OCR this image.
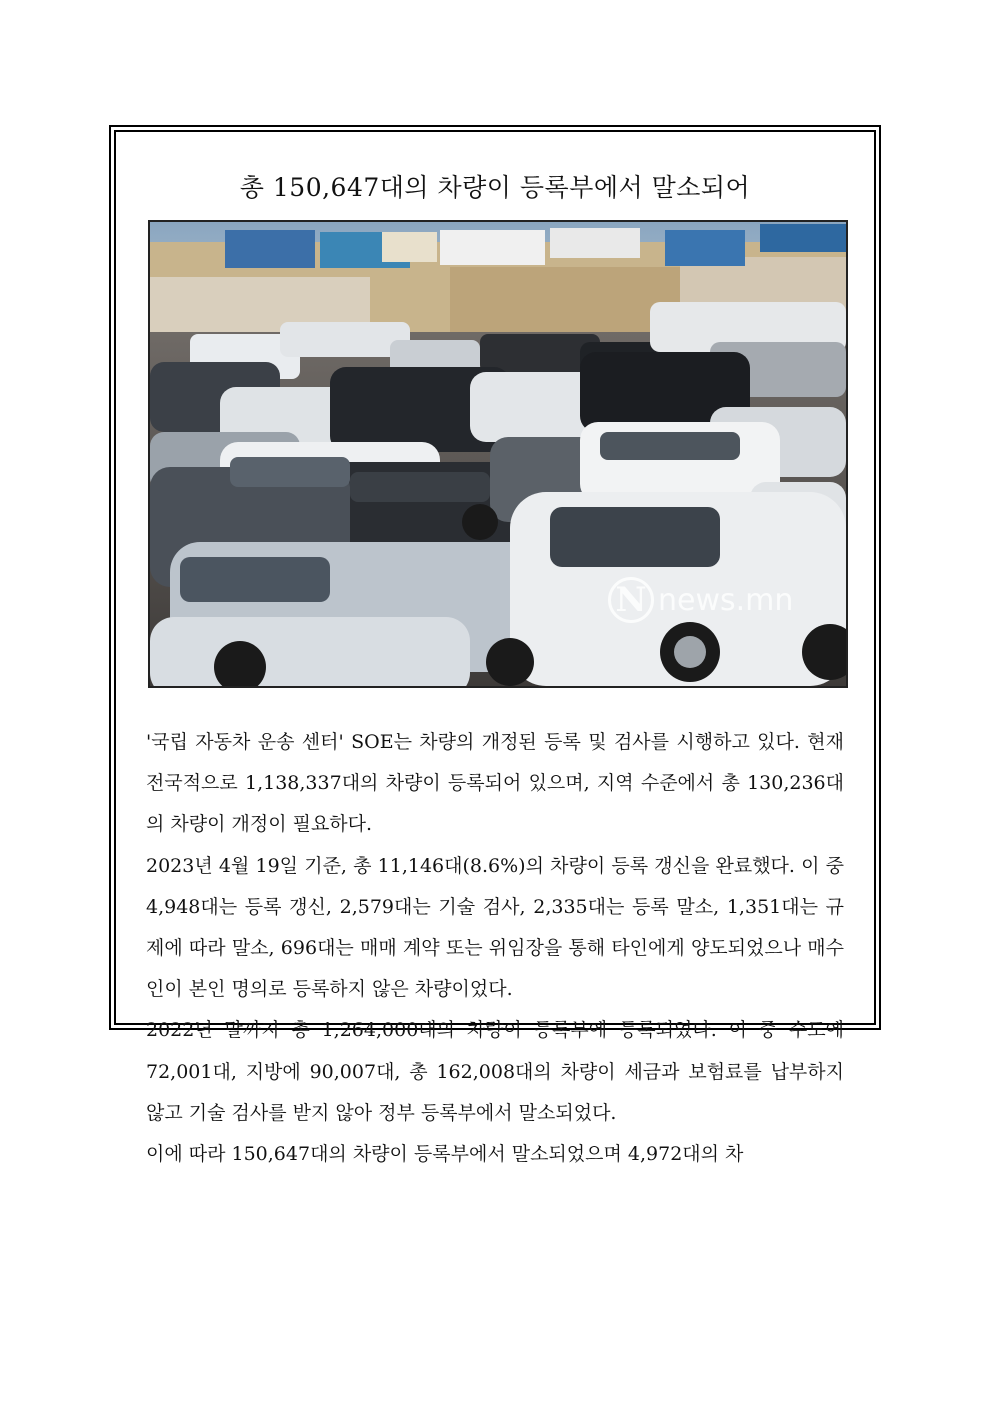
총 150,647대의 차량이 등록부에서 말소되어
N news.mn

'국립 자동차 운송 센터' SOE는 차량의 개정된 등록 및 검사를 시행하고 있다. 현재 전국적으로 1,138,337대의 차량이 등록되어 있으며, 지역 수준에서 총 130,236대의 차량이 개정이 필요하다.

2023년 4월 19일 기준, 총 11,146대(8.6%)의 차량이 등록 갱신을 완료했다. 이 중 4,948대는 등록 갱신, 2,579대는 기술 검사, 2,335대는 등록 말소, 1,351대는 규제에 따라 말소, 696대는 매매 계약 또는 위임장을 통해 타인에게 양도되었으나 매수인이 본인 명의로 등록하지 않은 차량이었다.

2022년 말까지 총 1,264,000대의 차량이 등록부에 등록되었다. 이 중 수도에 72,001대, 지방에 90,007대, 총 162,008대의 차량이 세금과 보험료를 납부하지 않고 기술 검사를 받지 않아 정부 등록부에서 말소되었다.

이에 따라 150,647대의 차량이 등록부에서 말소되었으며 4,972대의 차
